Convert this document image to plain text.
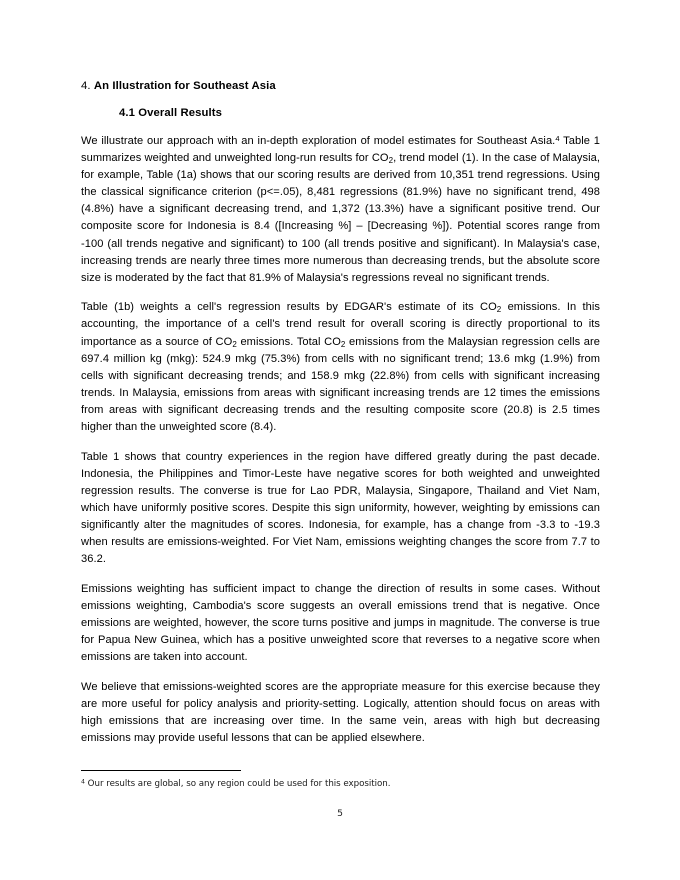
4. An Illustration for Southeast Asia
4.1 Overall Results

We illustrate our approach with an in-depth exploration of model estimates for Southeast Asia.$^4$ Table 1 summarizes weighted and unweighted long-run results for $CO_2$, trend model (1). In the case of Malaysia, for example, Table (1a) shows that our scoring results are derived from 10,351 trend regressions. Using the classical significance criterion (p<=.05), 8,481 regressions (81.9%) have no significant trend, 498 (4.8%) have a significant decreasing trend, and 1,372 (13.3%) have a significant positive trend. Our composite score for Indonesia is 8.4 ([Increasing %] – [Decreasing %]). Potential scores range from -100 (all trends negative and significant) to 100 (all trends positive and significant). In Malaysia's case, increasing trends are nearly three times more numerous than decreasing trends, but the absolute score size is moderated by the fact that 81.9% of Malaysia's regressions reveal no significant trends.

Table (1b) weights a cell's regression results by EDGAR's estimate of its $CO_2$ emissions. In this accounting, the importance of a cell's trend result for overall scoring is directly proportional to its importance as a source of $CO_2$ emissions. Total $CO_2$ emissions from the Malaysian regression cells are 697.4 million kg (mkg): 524.9 mkg (75.3%) from cells with no significant trend; 13.6 mkg (1.9%) from cells with significant decreasing trends; and 158.9 mkg (22.8%) from cells with significant increasing trends. In Malaysia, emissions from areas with significant increasing trends are 12 times the emissions from areas with significant decreasing trends and the resulting composite score (20.8) is 2.5 times higher than the unweighted score (8.4).

Table 1 shows that country experiences in the region have differed greatly during the past decade. Indonesia, the Philippines and Timor-Leste have negative scores for both weighted and unweighted regression results. The converse is true for Lao PDR, Malaysia, Singapore, Thailand and Viet Nam, which have uniformly positive scores. Despite this sign uniformity, however, weighting by emissions can significantly alter the magnitudes of scores. Indonesia, for example, has a change from -3.3 to -19.3 when results are emissions-weighted. For Viet Nam, emissions weighting changes the score from 7.7 to 36.2.

Emissions weighting has sufficient impact to change the direction of results in some cases. Without emissions weighting, Cambodia's score suggests an overall emissions trend that is negative. Once emissions are weighted, however, the score turns positive and jumps in magnitude. The converse is true for Papua New Guinea, which has a positive unweighted score that reverses to a negative score when emissions are taken into account.

We believe that emissions-weighted scores are the appropriate measure for this exercise because they are more useful for policy analysis and priority-setting. Logically, attention should focus on areas with high emissions that are increasing over time. In the same vein, areas with high but decreasing emissions may provide useful lessons that can be applied elsewhere.

$^4$ Our results are global, so any region could be used for this exposition.

5
